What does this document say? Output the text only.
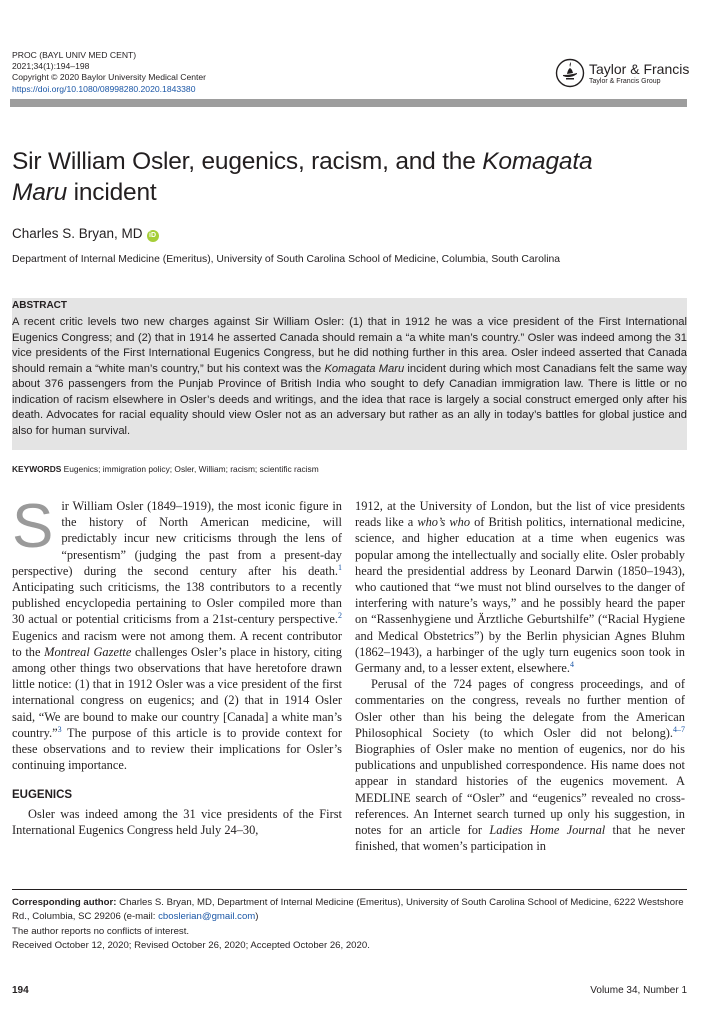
PROC (BAYL UNIV MED CENT)
2021;34(1):194–198
Copyright © 2020 Baylor University Medical Center
https://doi.org/10.1080/08998280.2020.1843380
Taylor & Francis
Taylor & Francis Group
Sir William Osler, eugenics, racism, and the Komagata
Maru incident
Charles S. Bryan, MD iD
Department of Internal Medicine (Emeritus), University of South Carolina School of Medicine, Columbia, South Carolina
ABSTRACT

A recent critic levels two new charges against Sir William Osler: (1) that in 1912 he was a vice president of the First International Eugenics Congress; and (2) that in 1914 he asserted Canada should remain a “a white man’s country.” Osler was indeed among the 31 vice presidents of the First International Eugenics Congress, but he did nothing further in this area. Osler indeed asserted that Canada should remain a “white man’s country,” but his context was the Komagata Maru incident during which most Canadians felt the same way about 376 passengers from the Punjab Province of British India who sought to defy Canadian immigration law. There is little or no indication of racism elsewhere in Osler’s deeds and writings, and the idea that race is largely a social construct emerged only after his death. Advocates for racial equality should view Osler not as an adversary but rather as an ally in today’s battles for global justice and also for human survival.

KEYWORDS Eugenics; immigration policy; Osler, William; racism; scientific racism

Sir William Osler (1849–1919), the most iconic figure in the history of North American medicine, will predictably incur new criticisms through the lens of “presentism” (judging the past from a present-day perspective) during the second century after his death.$^1$ Anticipating such criticisms, the 138 contributors to a recently published encyclopedia pertaining to Osler compiled more than 30 actual or potential criticisms from a 21st-century perspective.$^2$ Eugenics and racism were not among them. A recent contributor to the Montreal Gazette challenges Osler’s place in history, citing among other things two observations that have heretofore drawn little notice: (1) that in 1912 Osler was a vice president of the first international congress on eugenics; and (2) that in 1914 Osler said, “We are bound to make our country [Canada] a white man’s country.”$^3$ The purpose of this article is to provide context for these observations and to review their implications for Osler’s continuing importance.

EUGENICS

Osler was indeed among the 31 vice presidents of the First International Eugenics Congress held July 24–30,

1912, at the University of London, but the list of vice presidents reads like a who’s who of British politics, international medicine, science, and higher education at a time when eugenics was popular among the intellectually and socially elite. Osler probably heard the presidential address by Leonard Darwin (1850–1943), who cautioned that “we must not blind ourselves to the danger of interfering with nature’s ways,” and he possibly heard the paper on “Rassenhygiene und Ärztliche Geburtshilfe” (“Racial Hygiene and Medical Obstetrics”) by the Berlin physician Agnes Bluhm (1862–1943), a harbinger of the ugly turn eugenics soon took in Germany and, to a lesser extent, elsewhere.$^4$

Perusal of the 724 pages of congress proceedings, and of commentaries on the congress, reveals no further mention of Osler other than his being the delegate from the American Philosophical Society (to which Osler did not belong).$^{4-7}$ Biographies of Osler make no mention of eugenics, nor do his publications and unpublished correspondence. His name does not appear in standard histories of the eugenics movement. A MEDLINE search of “Osler” and “eugenics” revealed no cross-references. An Internet search turned up only his suggestion, in notes for an article for Ladies Home Journal that he never finished, that women’s participation in

Corresponding author: Charles S. Bryan, MD, Department of Internal Medicine (Emeritus), University of South Carolina School of Medicine, 6222 Westshore Rd., Columbia, SC 29206 (e-mail: cboslerian@gmail.com)

The author reports no conflicts of interest.

Received October 12, 2020; Revised October 26, 2020; Accepted October 26, 2020.

194	Volume 34, Number 1
